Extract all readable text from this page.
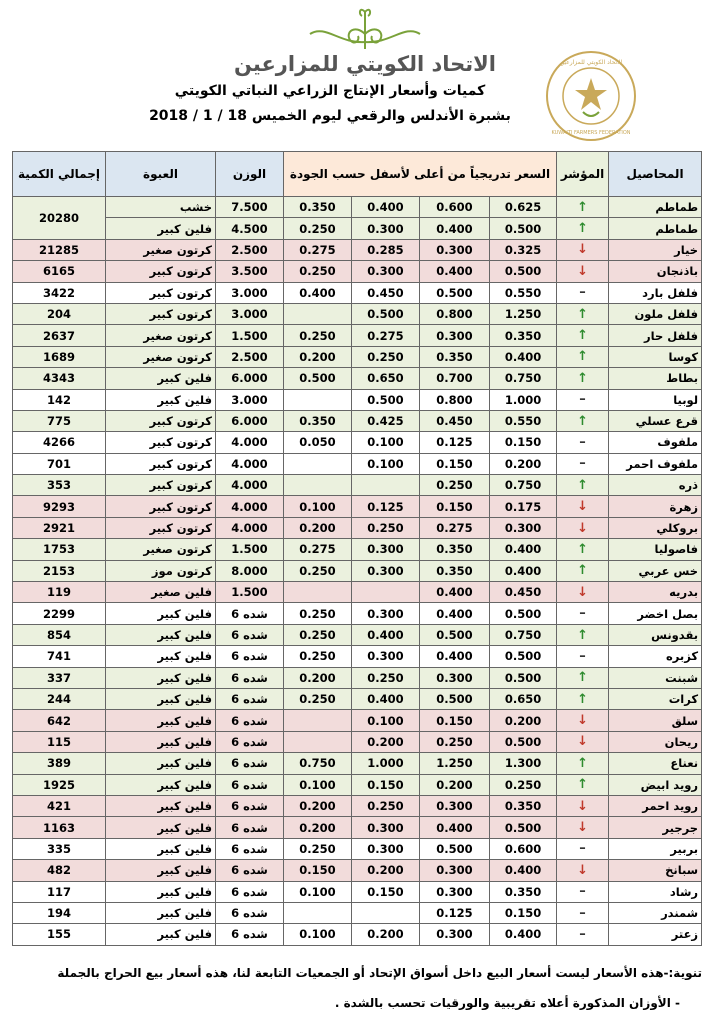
الاتحاد الكويتي للمزارعين
كميات وأسعار الإنتاج الزراعي النباتي الكويتي
بشبرة الأندلس والرقعي ليوم الخميس 18 / 1 / 2018
الاتحاد الكويتي للمزارعين
KUWAITI FARMERS FEDERATION
إجمالي الكمية	العبوة	الوزن	السعر تدريجياً من أعلى لأسفل حسب الجودة				المؤشر	المحاصيل
20280	خشب	7.500	0.350	0.400	0.600	0.625	↑	طماطم
	فلين كبير	4.500	0.250	0.300	0.400	0.500	↑	طماطم
21285	كرتون صغير	2.500	0.275	0.285	0.300	0.325	↓	خيار
6165	كرتون كبير	3.500	0.250	0.300	0.400	0.500	↓	باذنجان
3422	كرتون كبير	3.000	0.400	0.450	0.500	0.550	–	فلفل بارد
204	كرتون كبير	3.000		0.500	0.800	1.250	↑	فلفل ملون
2637	كرتون صغير	1.500	0.250	0.275	0.300	0.350	↑	فلفل حار
1689	كرتون صغير	2.500	0.200	0.250	0.350	0.400	↑	كوسا
4343	فلين كبير	6.000	0.500	0.650	0.700	0.750	↑	بطاط
142	فلين كبير	3.000		0.500	0.800	1.000	–	لوبيا
775	كرتون كبير	6.000	0.350	0.425	0.450	0.550	↑	قرع عسلي
4266	كرتون كبير	4.000	0.050	0.100	0.125	0.150	–	ملفوف
701	كرتون كبير	4.000		0.100	0.150	0.200	–	ملفوف احمر
353	كرتون كبير	4.000			0.250	0.750	↑	ذره
9293	كرتون كبير	4.000	0.100	0.125	0.150	0.175	↓	زهرة
2921	كرتون كبير	4.000	0.200	0.250	0.275	0.300	↓	بروكلي
1753	كرتون صغير	1.500	0.275	0.300	0.350	0.400	↑	فاصوليا
2153	كرتون موز	8.000	0.250	0.300	0.350	0.400	↑	خس عربي
119	فلين صغير	1.500			0.400	0.450	↓	بدريه
2299	فلين كبير	6 شده	0.250	0.300	0.400	0.500	–	بصل اخضر
854	فلين كبير	6 شده	0.250	0.400	0.500	0.750	↑	بقدونس
741	فلين كبير	6 شده	0.250	0.300	0.400	0.500	–	كزبره
337	فلين كبير	6 شده	0.200	0.250	0.300	0.500	↑	شبنت
244	فلين كبير	6 شده	0.250	0.400	0.500	0.650	↑	كرات
642	فلين كبير	6 شده		0.100	0.150	0.200	↓	سلق
115	فلين كبير	6 شده		0.200	0.250	0.500	↓	ريحان
389	فلين كبير	6 شده	0.750	1.000	1.250	1.300	↑	نعناع
1925	فلين كبير	6 شده	0.100	0.150	0.200	0.250	↑	رويد ابيض
421	فلين كبير	6 شده	0.200	0.250	0.300	0.350	↓	رويد احمر
1163	فلين كبير	6 شده	0.200	0.300	0.400	0.500	↓	جرجير
335	فلين كبير	6 شده	0.250	0.300	0.500	0.600	–	بربير
482	فلين كبير	6 شده	0.150	0.200	0.300	0.400	↓	سبانخ
117	فلين كبير	6 شده	0.100	0.150	0.300	0.350	–	رشاد
194	فلين كبير	6 شده			0.125	0.150	–	شمندر
155	فلين كبير	6 شده	0.100	0.200	0.300	0.400	–	زعتر
تنوية:-هذه الأسعار ليست أسعار البيع داخل أسواق الإتحاد أو الجمعيات التابعة لنا، هذه أسعار بيع الحراج بالجملة
- الأوزان المذكورة أعلاه تقريبية والورقيات تحسب بالشدة .
